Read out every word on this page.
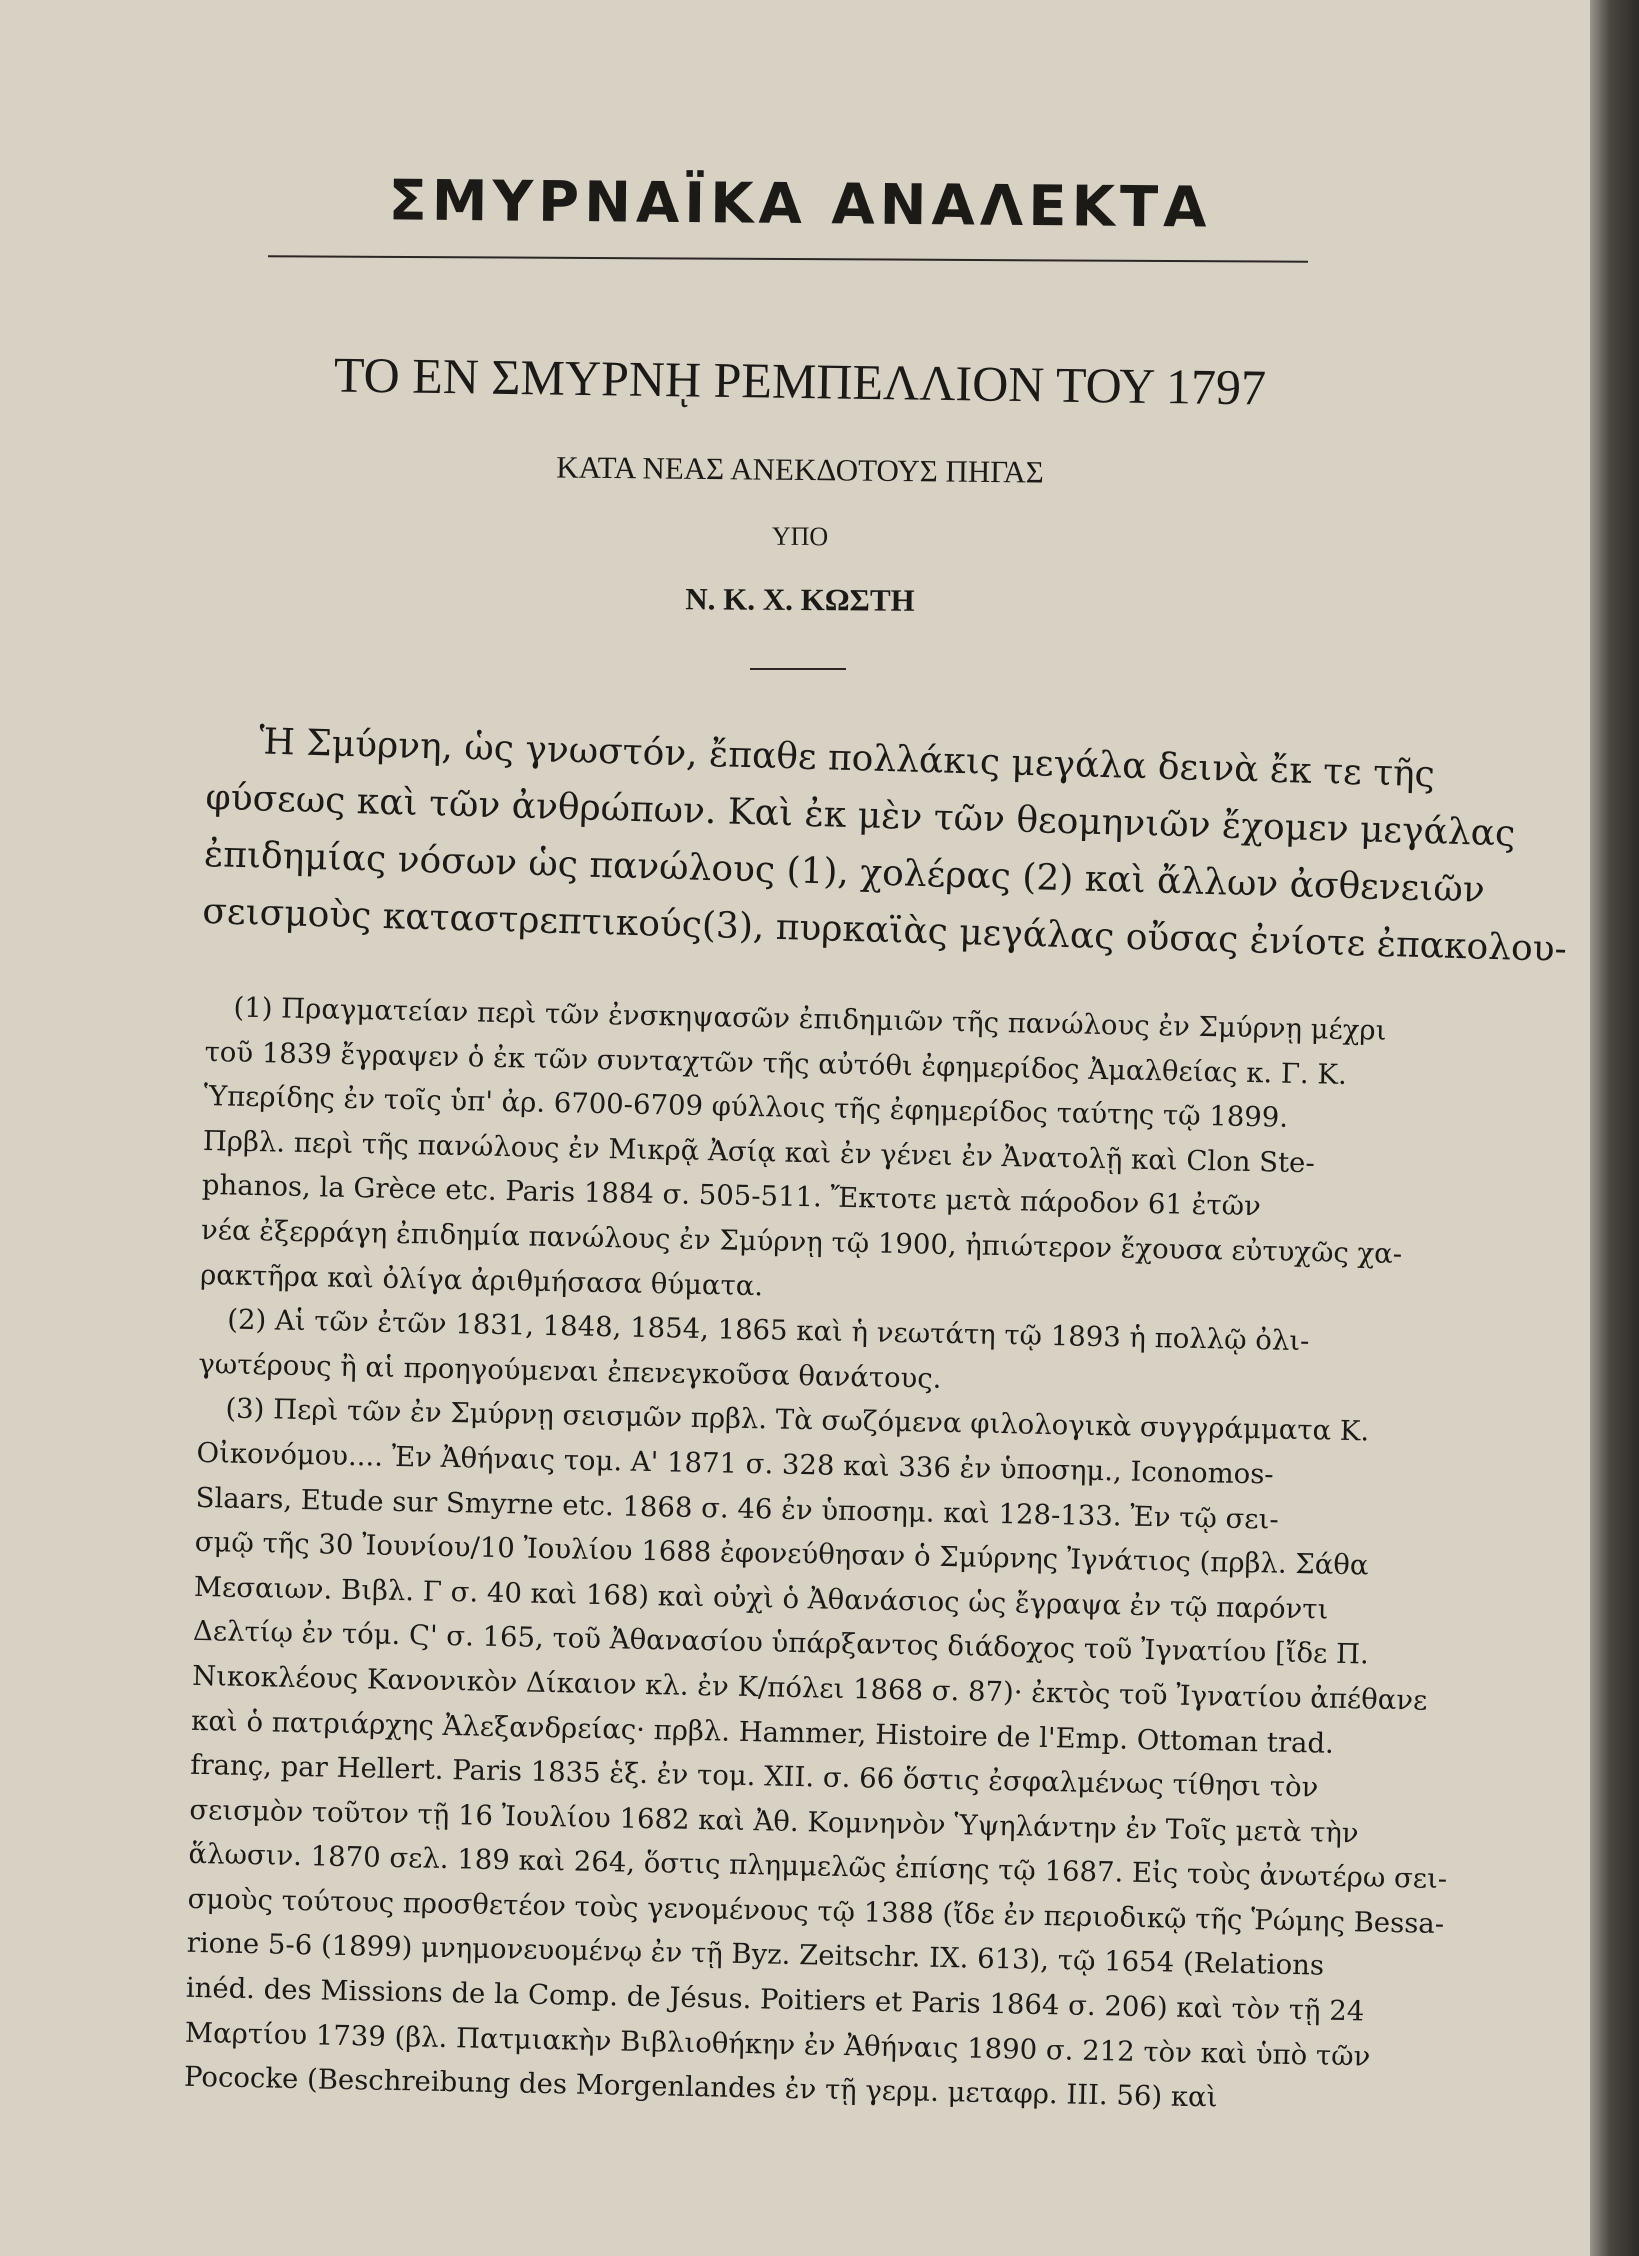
ΣΜΥΡΝΑΪΚΑ ΑΝΑΛΕΚΤΑ
ΤΟ ΕΝ ΣΜΥΡΝῌ ΡΕΜΠΕΛΛΙΟΝ ΤΟΥ 1797
ΚΑΤΑ ΝΕΑΣ ΑΝΕΚΔΟΤΟΥΣ ΠΗΓΑΣ
ΥΠΟ
Ν. Κ. Χ. ΚΩΣΤΗ
Ἡ Σμύρνη, ὡς γνωστόν, ἔπαθε πολλάκις μεγάλα δεινὰ ἔκ τε τῆς
φύσεως καὶ τῶν ἀνθρώπων. Καὶ ἐκ μὲν τῶν θεομηνιῶν ἔχομεν μεγάλας
ἐπιδημίας νόσων ὡς πανώλους (1), χολέρας (2) καὶ ἄλλων ἀσθενειῶν
σεισμοὺς καταστρεπτικούς(3), πυρκαϊὰς μεγάλας οὔσας ἐνίοτε ἐπακολου-
(1) Πραγματείαν περὶ τῶν ἐνσκηψασῶν ἐπιδημιῶν τῆς πανώλους ἐν Σμύρνῃ μέχρι
τοῦ 1839 ἔγραψεν ὁ ἐκ τῶν συνταχτῶν τῆς αὐτόθι ἐφημερίδος Ἀμαλθείας κ. Γ. Κ.
Ὑπερίδης ἐν τοῖς ὑπ' ἀρ. 6700-6709 φύλλοις τῆς ἐφημερίδος ταύτης τῷ 1899.
Πρβλ. περὶ τῆς πανώλους ἐν Μικρᾷ Ἀσίᾳ καὶ ἐν γένει ἐν Ἀνατολῇ καὶ Clon Ste-
phanos, la Grèce etc. Paris 1884 σ. 505-511. Ἔκτοτε μετὰ πάροδον 61 ἐτῶν
νέα ἐξερράγη ἐπιδημία πανώλους ἐν Σμύρνῃ τῷ 1900, ἠπιώτερον ἔχουσα εὐτυχῶς χα-
ρακτῆρα καὶ ὀλίγα ἀριθμήσασα θύματα.
(2) Αἱ τῶν ἐτῶν 1831, 1848, 1854, 1865 καὶ ἡ νεωτάτη τῷ 1893 ἡ πολλῷ ὀλι-
γωτέρους ἢ αἱ προηγούμεναι ἐπενεγκοῦσα θανάτους.
(3) Περὶ τῶν ἐν Σμύρνῃ σεισμῶν πρβλ. Τὰ σωζόμενα φιλολογικὰ συγγράμματα Κ.
Οἰκονόμου.... Ἐν Ἀθήναις τομ. Α' 1871 σ. 328 καὶ 336 ἐν ὑποσημ., Iconomos-
Slaars, Etude sur Smyrne etc. 1868 σ. 46 ἐν ὑποσημ. καὶ 128-133. Ἐν τῷ σει-
σμῷ τῆς 30 Ἰουνίου/10 Ἰουλίου 1688 ἐφονεύθησαν ὁ Σμύρνης Ἰγνάτιος (πρβλ. Σάθα
Μεσαιων. Βιβλ. Γ σ. 40 καὶ 168) καὶ οὐχὶ ὁ Ἀθανάσιος ὡς ἔγραψα ἐν τῷ παρόντι
Δελτίῳ ἐν τόμ. Ϛ' σ. 165, τοῦ Ἀθανασίου ὑπάρξαντος διάδοχος τοῦ Ἰγνατίου [ἴδε Π.
Νικοκλέους Κανονικὸν Δίκαιον κλ. ἐν Κ/πόλει 1868 σ. 87)· ἐκτὸς τοῦ Ἰγνατίου ἀπέθανε
καὶ ὁ πατριάρχης Ἀλεξανδρείας· πρβλ. Hammer, Histoire de l'Emp. Ottoman trad.
franç, par Hellert. Paris 1835 ἑξ. ἐν τομ. XII. σ. 66 ὅστις ἐσφαλμένως τίθησι τὸν
σεισμὸν τοῦτον τῇ 16 Ἰουλίου 1682 καὶ Ἀθ. Κομνηνὸν Ὑψηλάντην ἐν Τοῖς μετὰ τὴν
ἅλωσιν. 1870 σελ. 189 καὶ 264, ὅστις πλημμελῶς ἐπίσης τῷ 1687. Εἰς τοὺς ἀνωτέρω σει-
σμοὺς τούτους προσθετέον τοὺς γενομένους τῷ 1388 (ἴδε ἐν περιοδικῷ τῆς Ῥώμης Bessa-
rione 5-6 (1899) μνημονευομένῳ ἐν τῇ Byz. Zeitschr. IX. 613), τῷ 1654 (Relations
inéd. des Missions de la Comp. de Jésus. Poitiers et Paris 1864 σ. 206) καὶ τὸν τῇ 24
Μαρτίου 1739 (βλ. Πατμιακὴν Βιβλιοθήκην ἐν Ἀθήναις 1890 σ. 212 τὸν καὶ ὑπὸ τῶν
Pococke (Beschreibung des Morgenlandes ἐν τῇ γερμ. μεταφρ. III. 56) καὶ
